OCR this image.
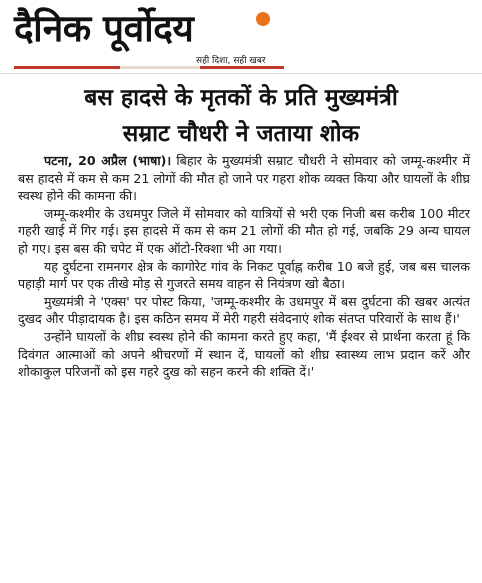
दैनिक पूर्वोदय
सही दिशा, सही खबर
बस हादसे के मृतकों के प्रति मुख्यमंत्री
सम्राट चौधरी ने जताया शोक

पटना, 20 अप्रैल (भाषा)। बिहार के मुख्यमंत्री सम्राट चौधरी ने सोमवार को जम्मू-कश्मीर में बस हादसे में कम से कम 21 लोगों की मौत हो जाने पर गहरा शोक व्यक्त किया और घायलों के शीघ्र स्वस्थ होने की कामना की।

जम्मू-कश्मीर के उधमपुर जिले में सोमवार को यात्रियों से भरी एक निजी बस करीब 100 मीटर गहरी खाई में गिर गई। इस हादसे में कम से कम 21 लोगों की मौत हो गई, जबकि 29 अन्य घायल हो गए। इस बस की चपेट में एक ऑटो-रिक्शा भी आ गया।

यह दुर्घटना रामनगर क्षेत्र के कागोरेट गांव के निकट पूर्वाह्न करीब 10 बजे हुई, जब बस चालक पहाड़ी मार्ग पर एक तीखे मोड़ से गुजरते समय वाहन से नियंत्रण खो बैठा।

मुख्यमंत्री ने 'एक्स' पर पोस्ट किया, 'जम्मू-कश्मीर के उधमपुर में बस दुर्घटना की खबर अत्यंत दुखद और पीड़ादायक है। इस कठिन समय में मेरी गहरी संवेदनाएं शोक संतप्त परिवारों के साथ हैं।'

उन्होंने घायलों के शीघ्र स्वस्थ होने की कामना करते हुए कहा, 'मैं ईश्वर से प्रार्थना करता हूं कि दिवंगत आत्माओं को अपने श्रीचरणों में स्थान दें, घायलों को शीघ्र स्वास्थ्य लाभ प्रदान करें और शोकाकुल परिजनों को इस गहरे दुख को सहन करने की शक्ति दें।'
